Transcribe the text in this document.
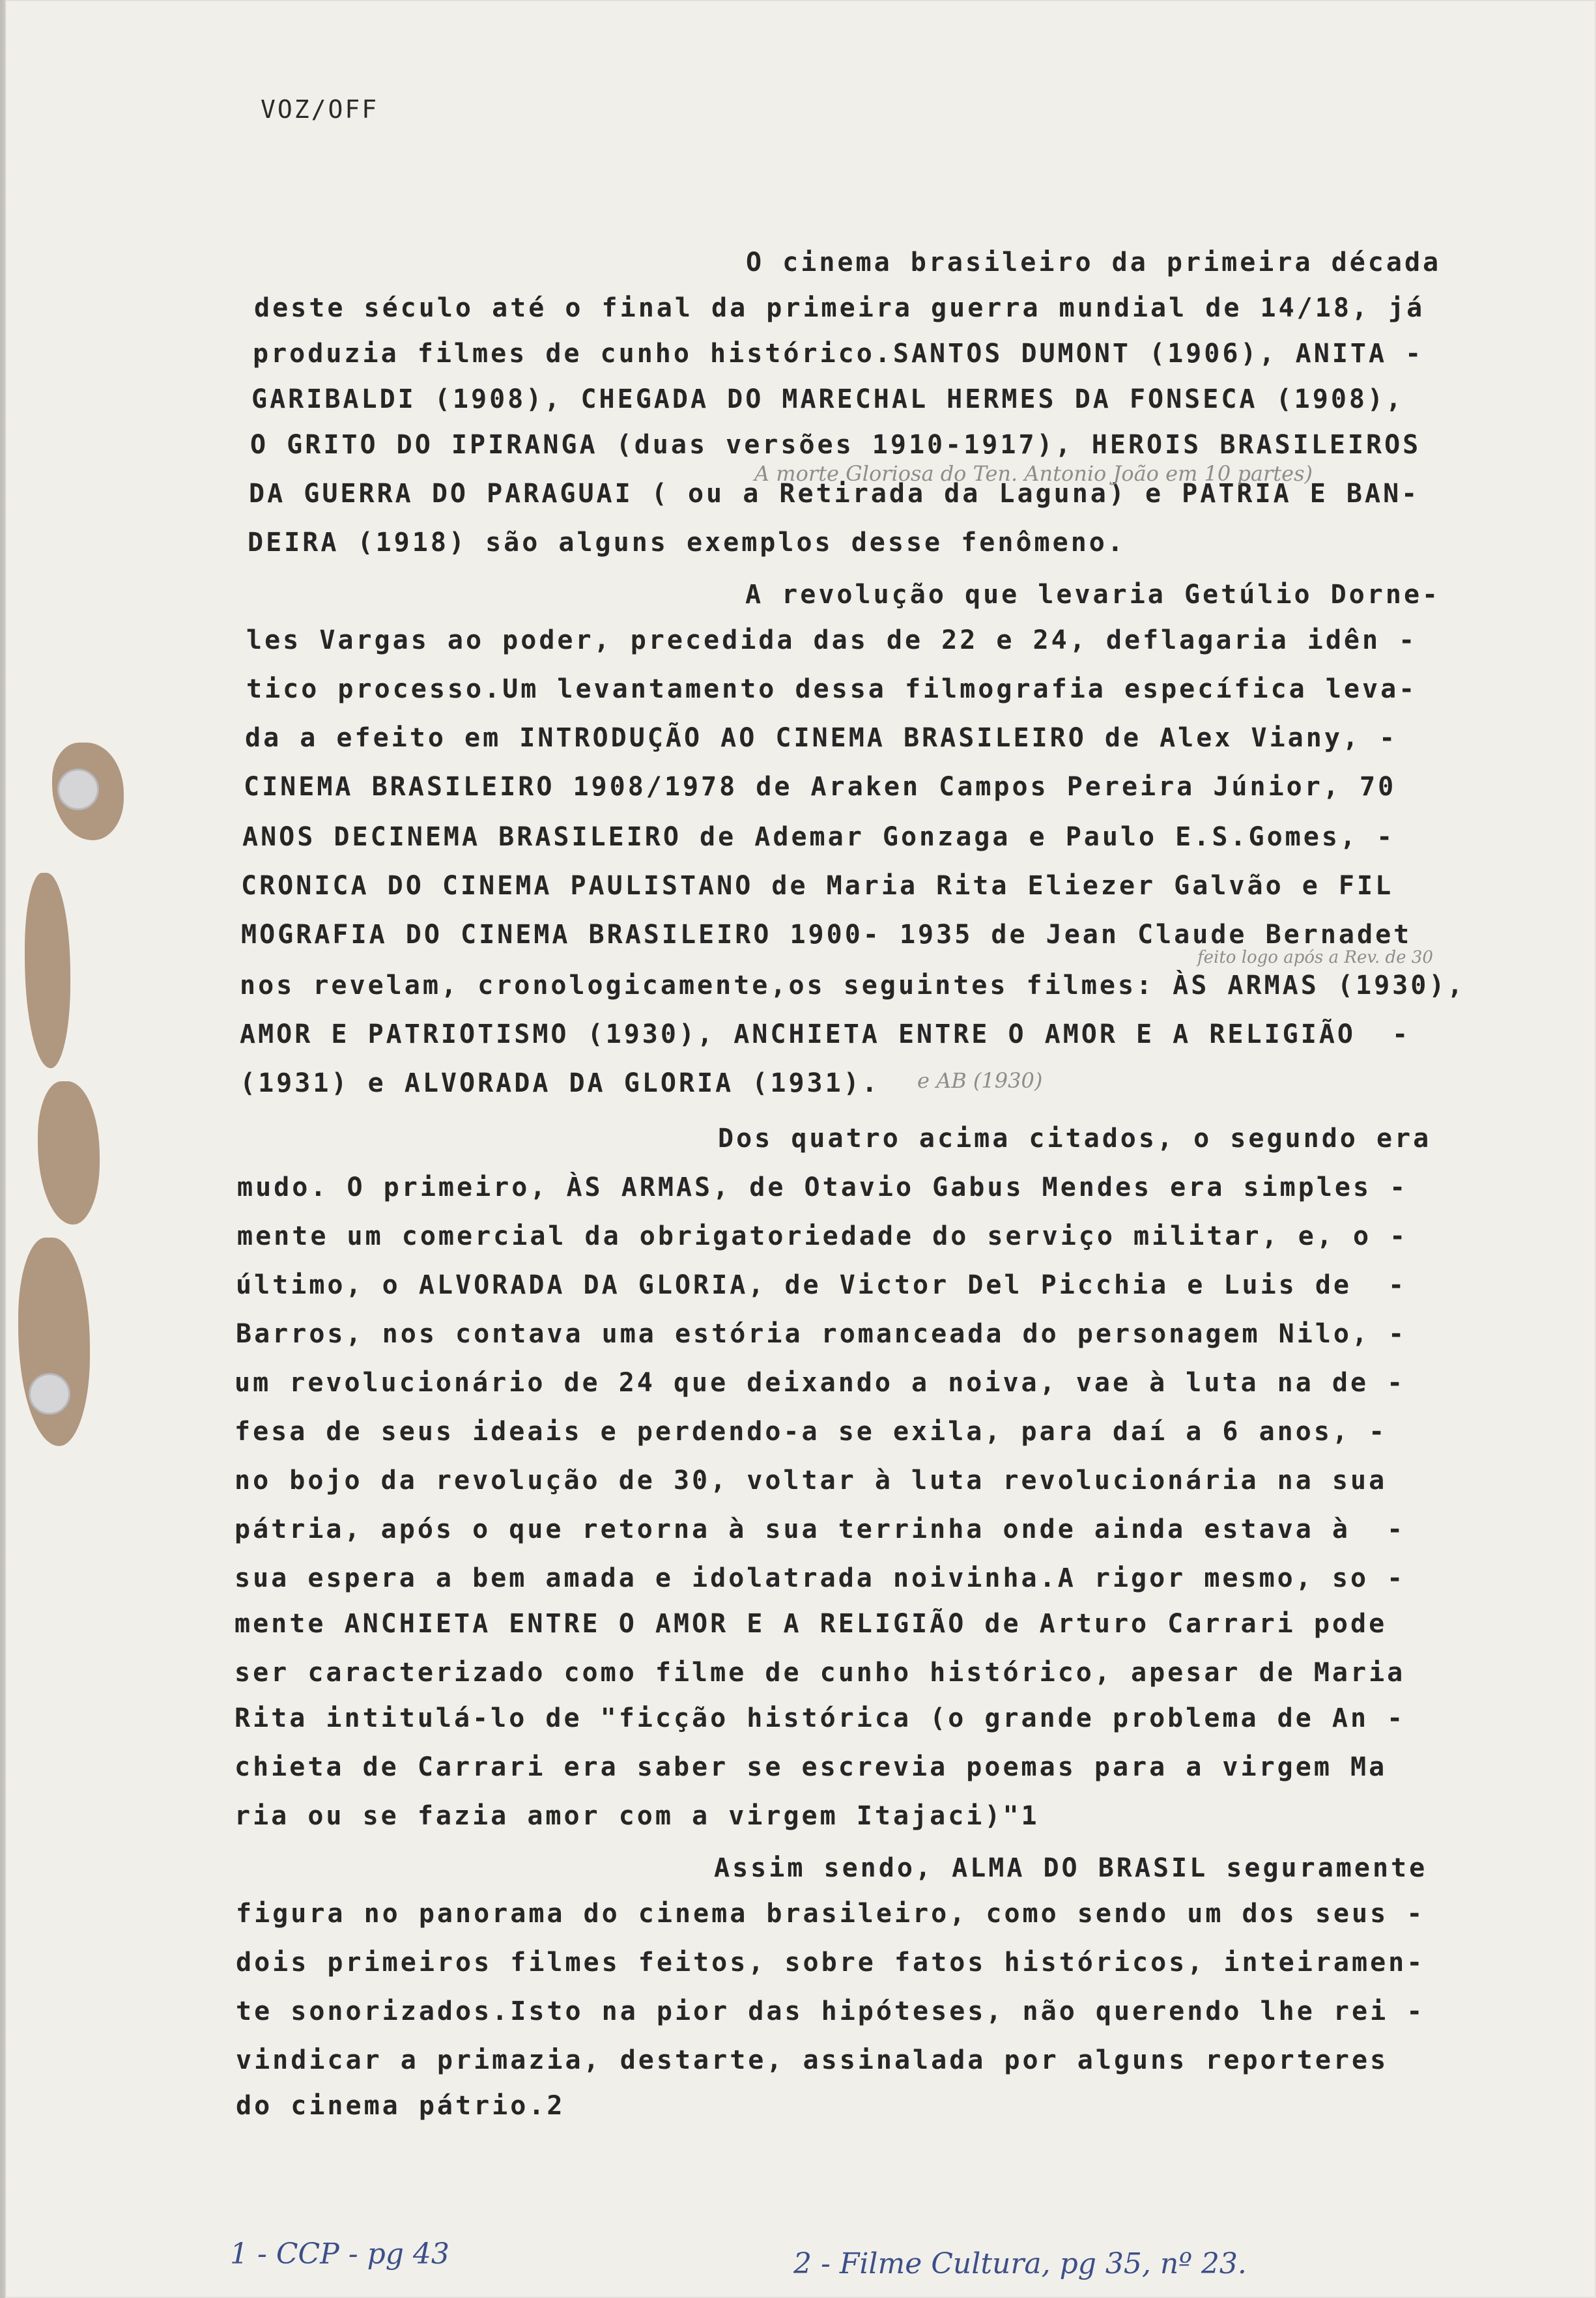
VOZ/OFF
O cinema brasileiro da primeira década
deste século até o final da primeira guerra mundial de 14/18, já
produzia filmes de cunho histórico.SANTOS DUMONT (1906), ANITA -
GARIBALDI (1908), CHEGADA DO MARECHAL HERMES DA FONSECA (1908),
O GRITO DO IPIRANGA (duas versões 1910-1917), HEROIS BRASILEIROS
DA GUERRA DO PARAGUAI ( ou a Retirada da Laguna) e PATRIA E BAN-
DEIRA (1918) são alguns exemplos desse fenômeno.
A revolução que levaria Getúlio Dorne-
les Vargas ao poder, precedida das de 22 e 24, deflagaria idên -
tico processo.Um levantamento dessa filmografia específica leva-
da a efeito em INTRODUÇÃO AO CINEMA BRASILEIRO de Alex Viany, -
CINEMA BRASILEIRO 1908/1978 de Araken Campos Pereira Júnior, 70
ANOS DECINEMA BRASILEIRO de Ademar Gonzaga e Paulo E.S.Gomes, -
CRONICA DO CINEMA PAULISTANO de Maria Rita Eliezer Galvão e FIL
MOGRAFIA DO CINEMA BRASILEIRO 1900- 1935 de Jean Claude Bernadet
nos revelam, cronologicamente,os seguintes filmes: ÀS ARMAS (1930),
AMOR E PATRIOTISMO (1930), ANCHIETA ENTRE O AMOR E A RELIGIÃO  -
(1931) e ALVORADA DA GLORIA (1931).
Dos quatro acima citados, o segundo era
mudo. O primeiro, ÀS ARMAS, de Otavio Gabus Mendes era simples -
mente um comercial da obrigatoriedade do serviço militar, e, o -
último, o ALVORADA DA GLORIA, de Victor Del Picchia e Luis de  -
Barros, nos contava uma estória romanceada do personagem Nilo, -
um revolucionário de 24 que deixando a noiva, vae à luta na de -
fesa de seus ideais e perdendo-a se exila, para daí a 6 anos, -
no bojo da revolução de 30, voltar à luta revolucionária na sua
pátria, após o que retorna à sua terrinha onde ainda estava à  -
sua espera a bem amada e idolatrada noivinha.A rigor mesmo, so -
mente ANCHIETA ENTRE O AMOR E A RELIGIÃO de Arturo Carrari pode
ser caracterizado como filme de cunho histórico, apesar de Maria
Rita intitulá-lo de "ficção histórica (o grande problema de An -
chieta de Carrari era saber se escrevia poemas para a virgem Ma
ria ou se fazia amor com a virgem Itajaci)"1
Assim sendo, ALMA DO BRASIL seguramente
figura no panorama do cinema brasileiro, como sendo um dos seus -
dois primeiros filmes feitos, sobre fatos históricos, inteiramen-
te sonorizados.Isto na pior das hipóteses, não querendo lhe rei -
vindicar a primazia, destarte, assinalada por alguns reporteres
do cinema pátrio.2
A morte Gloriosa do Ten. Antonio João em 10 partes)
feito logo após a Rev. de 30
e AB (1930)
1 - CCP - pg 43	2 - Filme Cultura, pg 35, nº 23.
